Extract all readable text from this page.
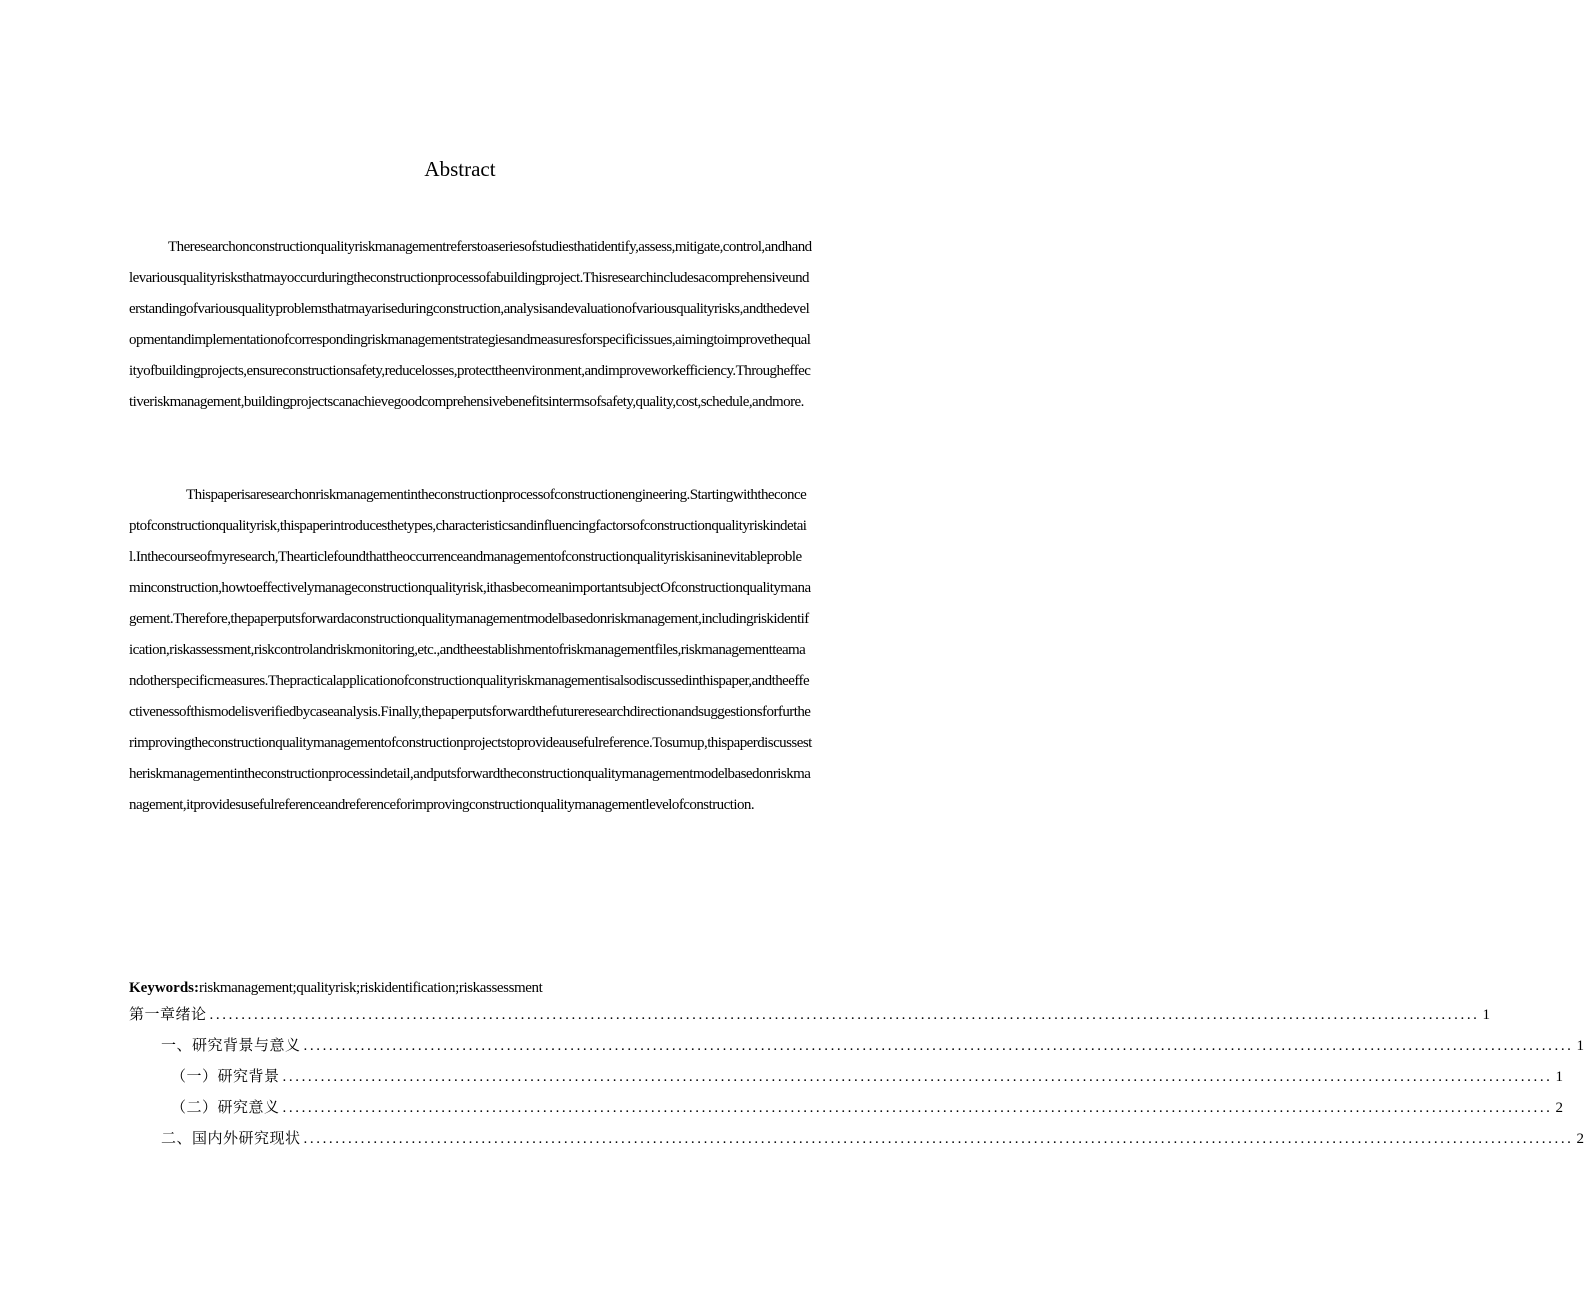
Abstract

Theresearchonconstructionqualityriskmanagementreferstoaseriesofstudiesthatidentify,assess,mitigate,control,andhandlevariousqualityrisksthatmayoccurduringtheconstructionprocessofabuildingproject.Thisresearchincludesacomprehensiveunderstandingofvariousqualityproblemsthatmayariseduringconstruction,analysisandevaluationofvariousqualityrisks,andthedevelopmentandimplementationofcorrespondingriskmanagementstrategiesandmeasuresforspecificissues,aimingtoimprovethequalityofbuildingprojects,ensureconstructionsafety,reducelosses,protecttheenvironment,andimproveworkefficiency.Througheffectiveriskmanagement,buildingprojectscanachievegoodcomprehensivebenefitsintermsofsafety,quality,cost,schedule,andmore.

Thispaperisaresearchonriskmanagementintheconstructionprocessofconstructionengineering.Startingwiththeconceptofconstructionqualityrisk,thispaperintroducesthetypes,characteristicsandinfluencingfactorsofconstructionqualityriskindetail.Inthecourseofmyresearch,Thearticlefoundthattheoccurrenceandmanagementofconstructionqualityriskisaninevitableprobleminconstruction,howtoeffectivelymanageconstructionqualityrisk,ithasbecomeanimportantsubjectOfconstructionqualitymanagement.Therefore,thepaperputsforwardaconstructionqualitymanagementmodelbasedonriskmanagement,includingriskidentification,riskassessment,riskcontrolandriskmonitoring,etc.,andtheestablishmentofriskmanagementfiles,riskmanagementteamandotherspecificmeasures.Thepracticalapplicationofconstructionqualityriskmanagementisalsodiscussedinthispaper,andtheeffectivenessofthismodelisverifiedbycaseanalysis.Finally,thepaperputsforwardthefutureresearchdirectionandsuggestionsforfurtherimprovingtheconstructionqualitymanagementofconstructionprojectstoprovideausefulreference.Tosumup,thispaperdiscussestheriskmanagementintheconstructionprocessindetail,andputsforwardtheconstructionqualitymanagementmodelbasedonriskmanagement,itprovidesusefulreferenceandreferenceforimprovingconstructionqualitymanagementlevelofconstruction.

Keywords:riskmanagement;qualityrisk;riskidentification;riskassessment
第一章绪论 ........................................................................................................................................................................................................ 1
一、研究背景与意义 ........................................................................................................................................................................................................ 1
（一）研究背景 ........................................................................................................................................................................................................ 1
（二）研究意义 ........................................................................................................................................................................................................ 2
二、国内外研究现状 ........................................................................................................................................................................................................ 2
